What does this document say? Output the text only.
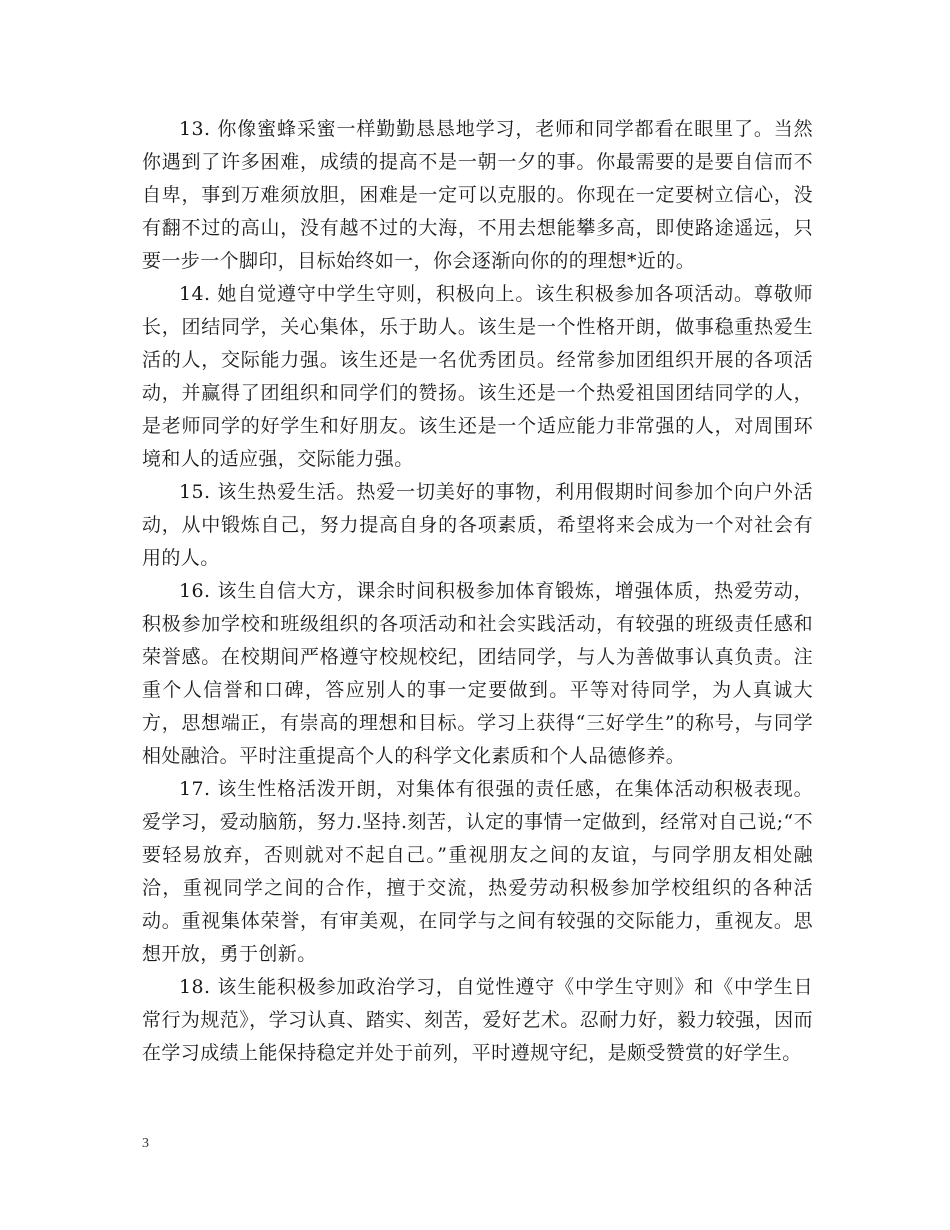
13. 你像蜜蜂采蜜一样勤勤恳恳地学习，老师和同学都看在眼里了。当然你遇到了许多困难，成绩的提高不是一朝一夕的事。你最需要的是要自信而不自卑，事到万难须放胆，困难是一定可以克服的。你现在一定要树立信心，没有翻不过的高山，没有越不过的大海，不用去想能攀多高，即使路途遥远，只要一步一个脚印，目标始终如一，你会逐渐向你的的理想*近的。

14. 她自觉遵守中学生守则，积极向上。该生积极参加各项活动。尊敬师长，团结同学，关心集体，乐于助人。该生是一个性格开朗，做事稳重热爱生活的人，交际能力强。该生还是一名优秀团员。经常参加团组织开展的各项活动，并赢得了团组织和同学们的赞扬。该生还是一个热爱祖国团结同学的人，是老师同学的好学生和好朋友。该生还是一个适应能力非常强的人，对周围环境和人的适应强，交际能力强。

15. 该生热爱生活。热爱一切美好的事物，利用假期时间参加个向户外活动，从中锻炼自己，努力提高自身的各项素质，希望将来会成为一个对社会有用的人。

16. 该生自信大方，课余时间积极参加体育锻炼，增强体质，热爱劳动，积极参加学校和班级组织的各项活动和社会实践活动，有较强的班级责任感和荣誉感。在校期间严格遵守校规校纪，团结同学，与人为善做事认真负责。注重个人信誉和口碑，答应别人的事一定要做到。平等对待同学，为人真诚大方，思想端正，有崇高的理想和目标。学习上获得“三好学生”的称号，与同学相处融洽。平时注重提高个人的科学文化素质和个人品德修养。

17. 该生性格活泼开朗，对集体有很强的责任感，在集体活动积极表现。爱学习，爱动脑筋，努力.坚持.刻苦，认定的事情一定做到，经常对自己说;“不要轻易放弃，否则就对不起自己。”重视朋友之间的友谊，与同学朋友相处融洽，重视同学之间的合作，擅于交流，热爱劳动积极参加学校组织的各种活动。重视集体荣誉，有审美观，在同学与之间有较强的交际能力，重视友。思想开放，勇于创新。

18. 该生能积极参加政治学习，自觉性遵守《中学生守则》和《中学生日常行为规范》，学习认真、踏实、刻苦，爱好艺术。忍耐力好，毅力较强，因而在学习成绩上能保持稳定并处于前列，平时遵规守纪，是颇受赞赏的好学生。

3
